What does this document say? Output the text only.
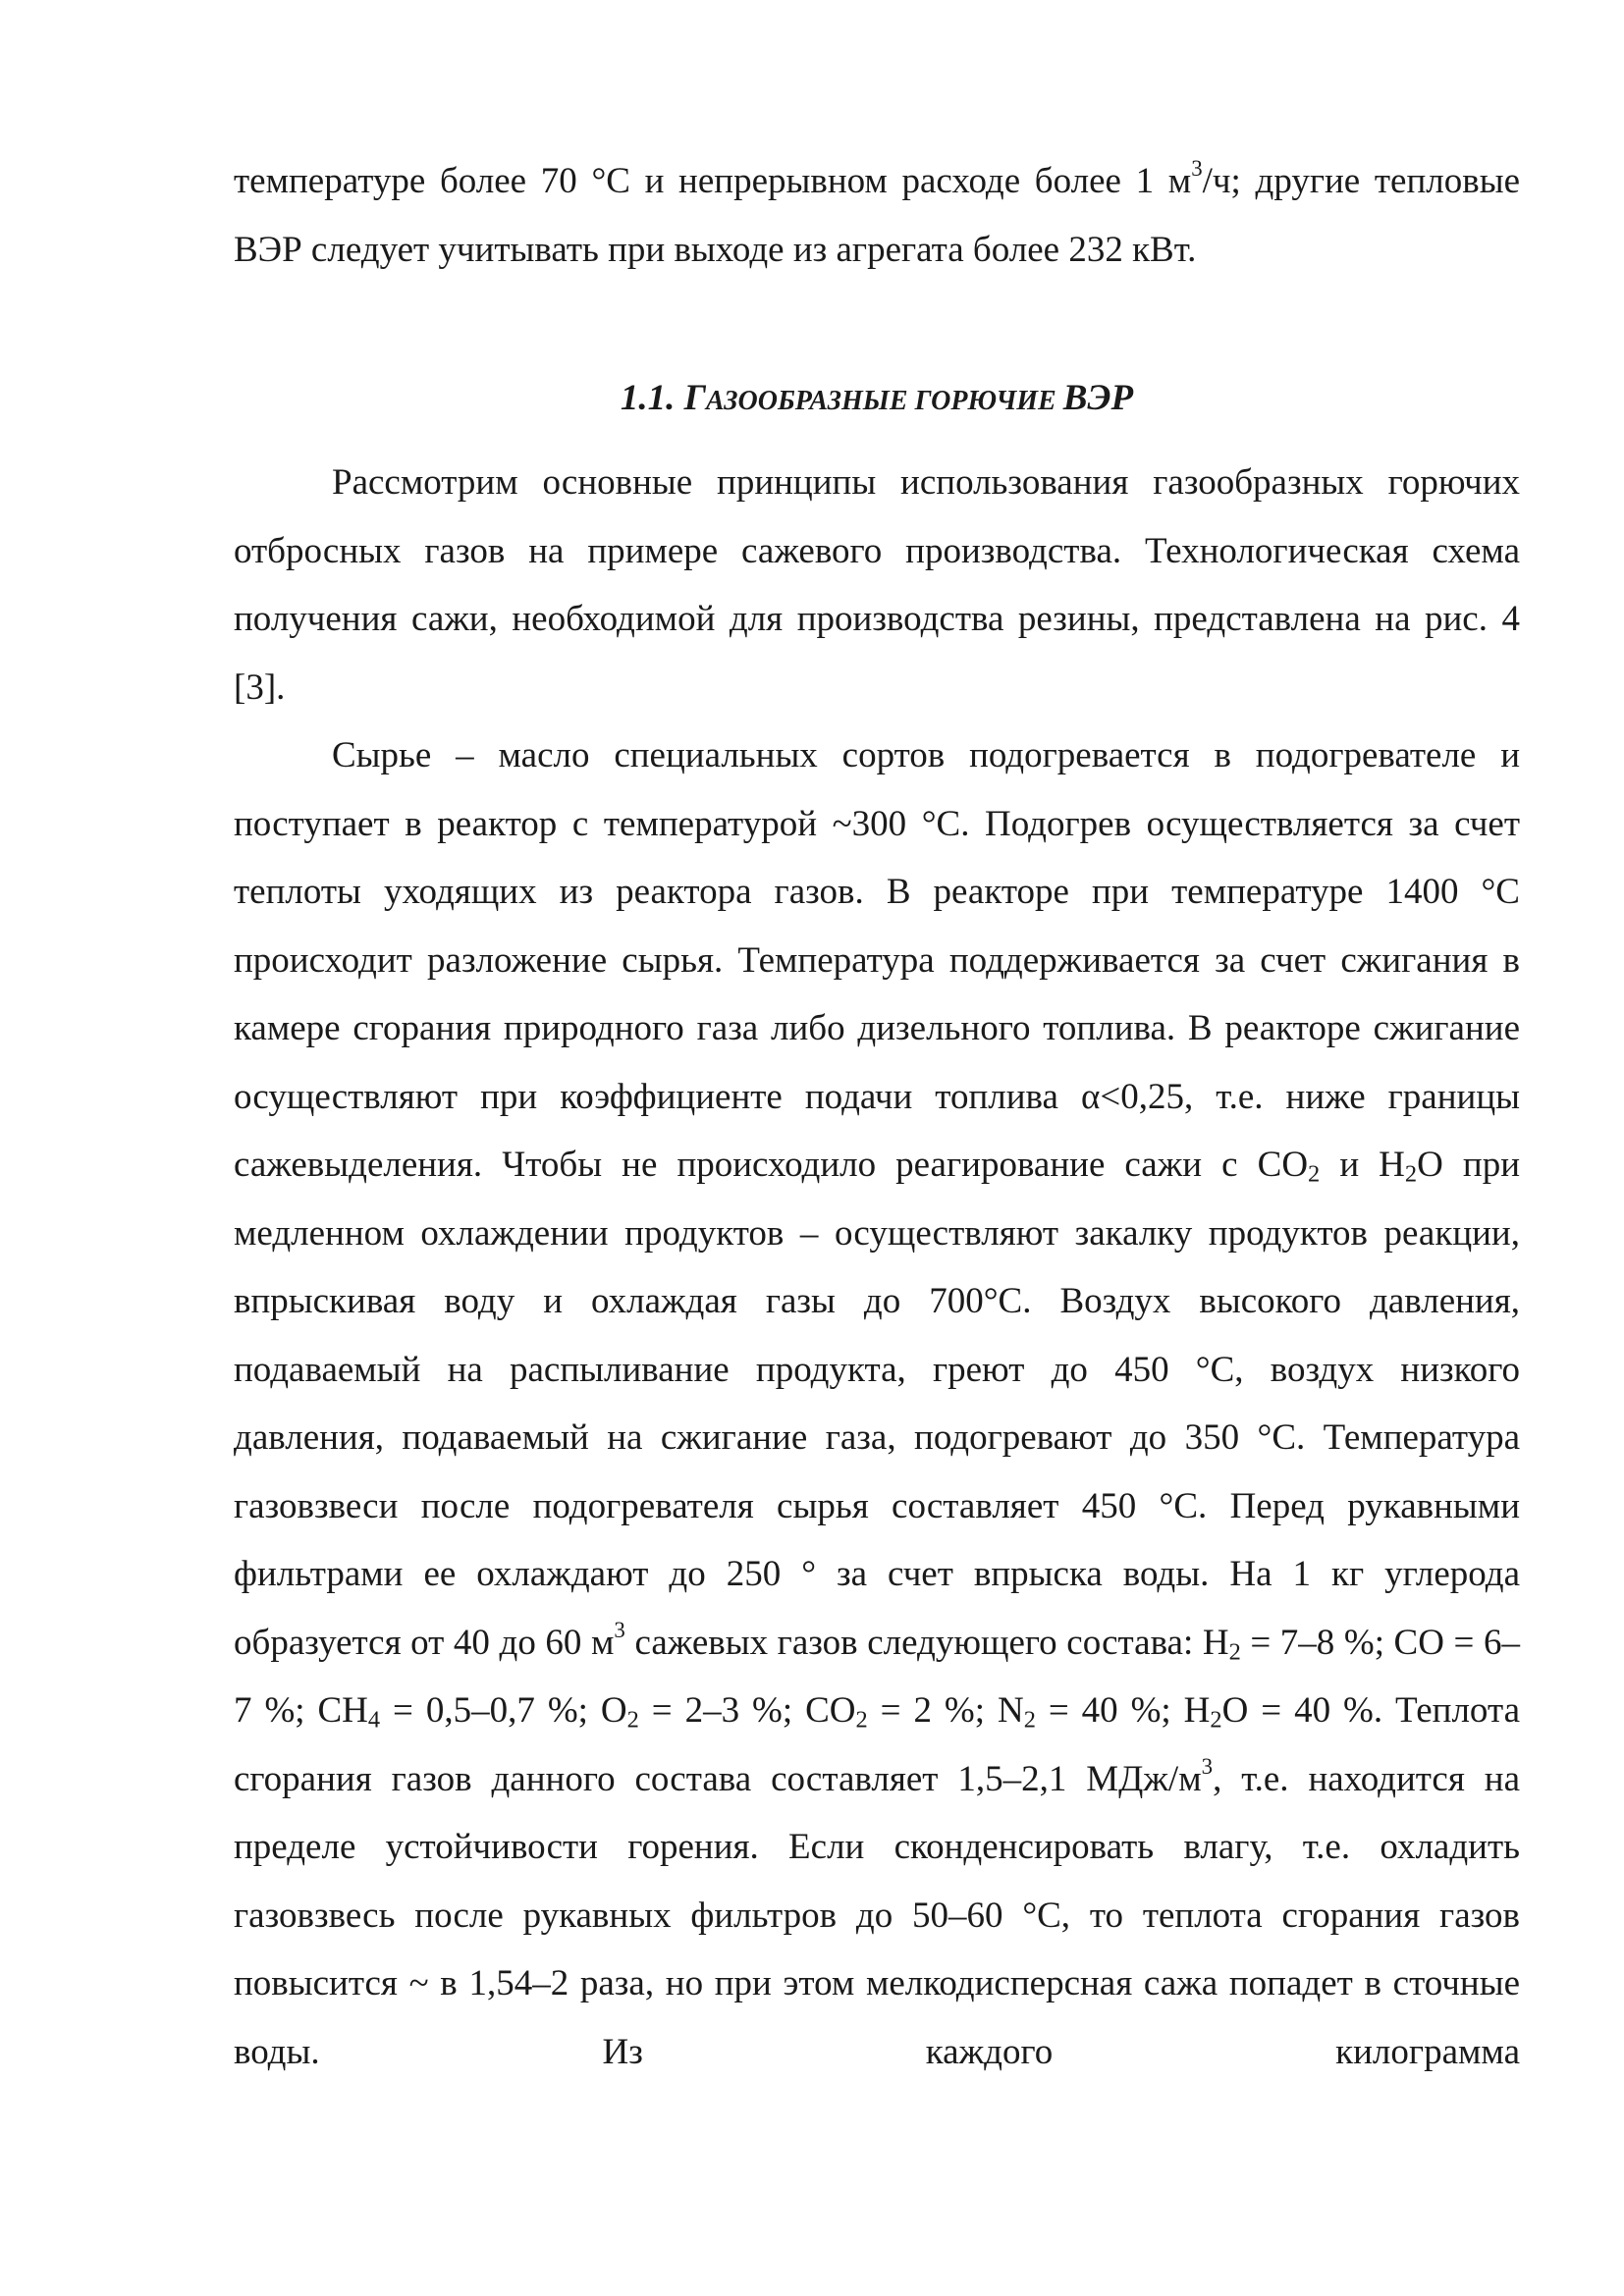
температуре более 70 °С и непрерывном расходе более 1 $м^3/ч$; другие тепловые ВЭР следует учитывать при выходе из агрегата более 232 кВт.

1.1. ГАЗООБРАЗНЫЕ ГОРЮЧИЕ ВЭР

Рассмотрим основные принципы использования газообразных горючих отбросных газов на примере сажевого производства. Технологическая схема получения сажи, необходимой для производства резины, представлена на рис. 4 [3].

Сырье – масло специальных сортов подогревается в подогревателе и поступает в реактор с температурой ~300 °С. Подогрев осуществляется за счет теплоты уходящих из реактора газов. В реакторе при температуре 1400 °С происходит разложение сырья. Температура поддерживается за счет сжигания в камере сгорания природного газа либо дизельного топлива. В реакторе сжигание осуществляют при коэффициенте подачи топлива α<0,25, т.е. ниже границы сажевыделения. Чтобы не происходило реагирование сажи с $СО_2$ и $Н_2О$ при медленном охлаждении продуктов – осуществляют закалку продуктов реакции, впрыскивая воду и охлаждая газы до 700°С. Воздух высокого давления, подаваемый на распыливание продукта, греют до 450 °С, воздух низкого давления, подаваемый на сжигание газа, подогревают до 350 °С. Температура газовзвеси после подогревателя сырья составляет 450 °С. Перед рукавными фильтрами ее охлаждают до 250 ° за счет впрыска воды. На 1 кг углерода образуется от 40 до 60 $м^3$ сажевых газов следующего состава: $Н_2 = 7-8$ %; СО = 6–7 %; $СН_4 = 0,5-0,7$ %; $О_2 = 2-3$ %; $СО_2 = 2$ %; $N_2 = 40$ %; $Н_2О = 40$ %. Теплота сгорания газов данного состава составляет 1,5–2,1 МДж/$м^3$, т.е. находится на пределе устойчивости горения. Если сконденсировать влагу, т.е. охладить газовзвесь после рукавных фильтров до 50–60 °С, то теплота сгорания газов повысится ~ в 1,54–2 раза, но при этом мелкодисперсная сажа попадет в сточные воды. Из каждого килограмма
